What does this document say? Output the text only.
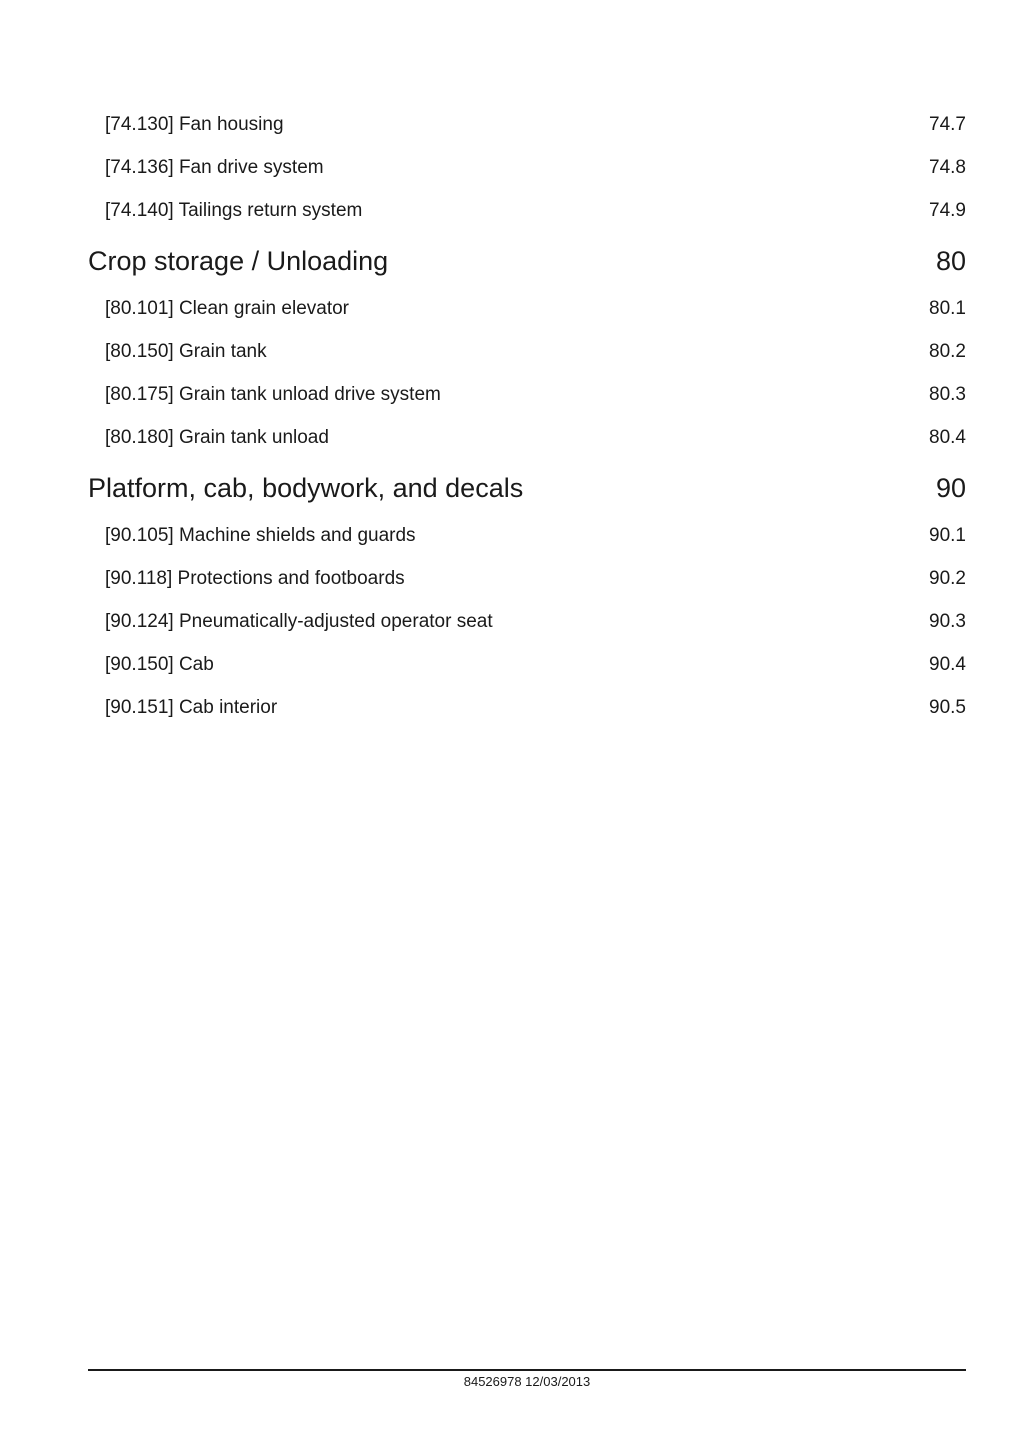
[74.130] Fan housing	74.7
[74.136] Fan drive system	74.8
[74.140] Tailings return system	74.9
Crop storage / Unloading	80
[80.101] Clean grain elevator	80.1
[80.150] Grain tank	80.2
[80.175] Grain tank unload drive system	80.3
[80.180] Grain tank unload	80.4
Platform, cab, bodywork, and decals	90
[90.105] Machine shields and guards	90.1
[90.118] Protections and footboards	90.2
[90.124] Pneumatically-adjusted operator seat	90.3
[90.150] Cab	90.4
[90.151] Cab interior	90.5
84526978 12/03/2013
